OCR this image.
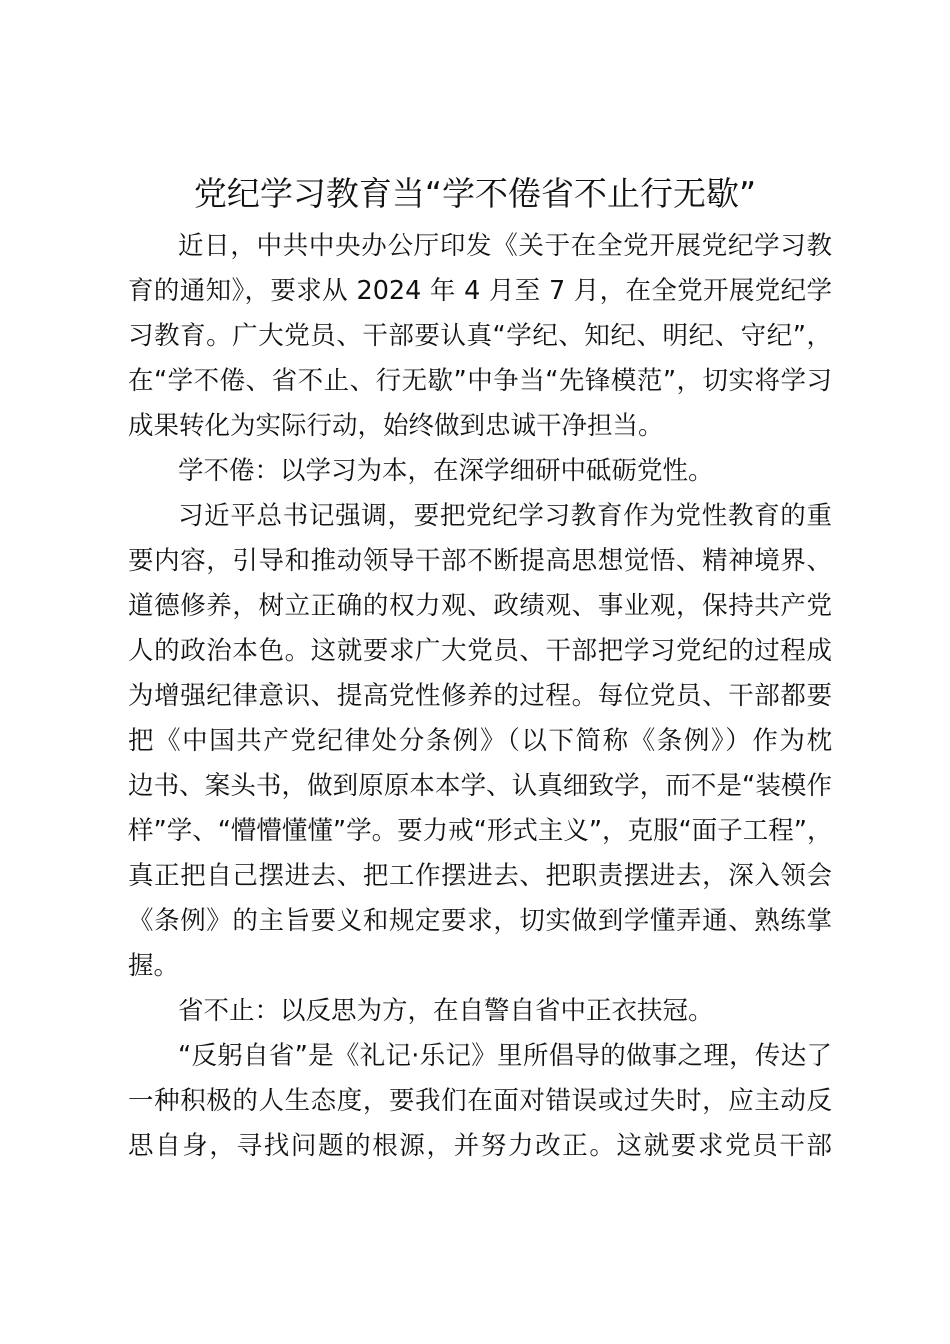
党纪学习教育当“学不倦省不止行无歇”
近日，中共中央办公厅印发《关于在全党开展党纪学习教
育的通知》，要求从 2024 年 4 月至 7 月，在全党开展党纪学
习教育。广大党员、干部要认真“学纪、知纪、明纪、守纪”，
在“学不倦、省不止、行无歇”中争当“先锋模范”，切实将学习
成果转化为实际行动，始终做到忠诚干净担当。
学不倦：以学习为本，在深学细研中砥砺党性。
习近平总书记强调，要把党纪学习教育作为党性教育的重
要内容，引导和推动领导干部不断提高思想觉悟、精神境界、
道德修养，树立正确的权力观、政绩观、事业观，保持共产党
人的政治本色。这就要求广大党员、干部把学习党纪的过程成
为增强纪律意识、提高党性修养的过程。每位党员、干部都要
把《中国共产党纪律处分条例》（以下简称《条例》）作为枕
边书、案头书，做到原原本本学、认真细致学，而不是“装模作
样”学、“懵懵懂懂”学。要力戒“形式主义”，克服“面子工程”，
真正把自己摆进去、把工作摆进去、把职责摆进去，深入领会
《条例》的主旨要义和规定要求，切实做到学懂弄通、熟练掌
握。
省不止：以反思为方，在自警自省中正衣扶冠。
“反躬自省”是《礼记·乐记》里所倡导的做事之理，传达了
一种积极的人生态度，要我们在面对错误或过失时，应主动反
思自身，寻找问题的根源，并努力改正。这就要求党员干部
